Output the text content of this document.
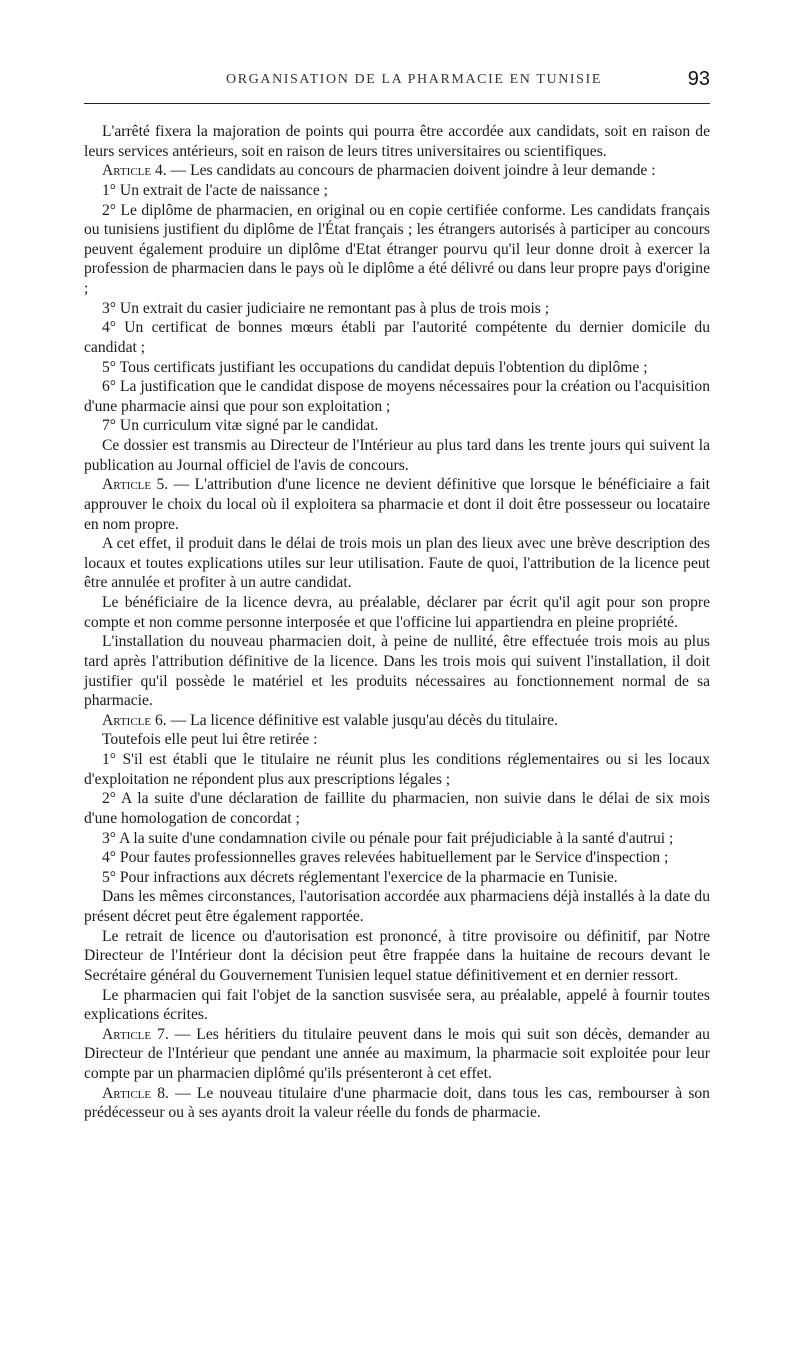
ORGANISATION DE LA PHARMACIE EN TUNISIE	93

L'arrêté fixera la majoration de points qui pourra être accordée aux candidats, soit en raison de leurs services antérieurs, soit en raison de leurs titres universitaires ou scientifiques.

Article 4. — Les candidats au concours de pharmacien doivent joindre à leur demande :

1° Un extrait de l'acte de naissance ;

2° Le diplôme de pharmacien, en original ou en copie certifiée conforme. Les candidats français ou tunisiens justifient du diplôme de l'État français ; les étrangers autorisés à participer au concours peuvent également produire un diplôme d'Etat étranger pourvu qu'il leur donne droit à exercer la profession de pharmacien dans le pays où le diplôme a été délivré ou dans leur propre pays d'origine ;

3° Un extrait du casier judiciaire ne remontant pas à plus de trois mois ;

4° Un certificat de bonnes mœurs établi par l'autorité compétente du dernier domicile du candidat ;

5° Tous certificats justifiant les occupations du candidat depuis l'obtention du diplôme ;

6° La justification que le candidat dispose de moyens nécessaires pour la création ou l'acquisition d'une pharmacie ainsi que pour son exploitation ;

7° Un curriculum vitæ signé par le candidat.

Ce dossier est transmis au Directeur de l'Intérieur au plus tard dans les trente jours qui suivent la publication au Journal officiel de l'avis de concours.

Article 5. — L'attribution d'une licence ne devient définitive que lorsque le bénéficiaire a fait approuver le choix du local où il exploitera sa pharmacie et dont il doit être possesseur ou locataire en nom propre.

A cet effet, il produit dans le délai de trois mois un plan des lieux avec une brève description des locaux et toutes explications utiles sur leur utilisation. Faute de quoi, l'attribution de la licence peut être annulée et profiter à un autre candidat.

Le bénéficiaire de la licence devra, au préalable, déclarer par écrit qu'il agit pour son propre compte et non comme personne interposée et que l'officine lui appartiendra en pleine propriété.

L'installation du nouveau pharmacien doit, à peine de nullité, être effectuée trois mois au plus tard après l'attribution définitive de la licence. Dans les trois mois qui suivent l'installation, il doit justifier qu'il possède le matériel et les produits nécessaires au fonctionnement normal de sa pharmacie.

Article 6. — La licence définitive est valable jusqu'au décès du titulaire.

Toutefois elle peut lui être retirée :

1° S'il est établi que le titulaire ne réunit plus les conditions réglementaires ou si les locaux d'exploitation ne répondent plus aux prescriptions légales ;

2° A la suite d'une déclaration de faillite du pharmacien, non suivie dans le délai de six mois d'une homologation de concordat ;

3° A la suite d'une condamnation civile ou pénale pour fait préjudiciable à la santé d'autrui ;

4° Pour fautes professionnelles graves relevées habituellement par le Service d'inspection ;

5° Pour infractions aux décrets réglementant l'exercice de la pharmacie en Tunisie.

Dans les mêmes circonstances, l'autorisation accordée aux pharmaciens déjà installés à la date du présent décret peut être également rapportée.

Le retrait de licence ou d'autorisation est prononcé, à titre provisoire ou définitif, par Notre Directeur de l'Intérieur dont la décision peut être frappée dans la huitaine de recours devant le Secrétaire général du Gouvernement Tunisien lequel statue définitivement et en dernier ressort.

Le pharmacien qui fait l'objet de la sanction susvisée sera, au préalable, appelé à fournir toutes explications écrites.

Article 7. — Les héritiers du titulaire peuvent dans le mois qui suit son décès, demander au Directeur de l'Intérieur que pendant une année au maximum, la pharmacie soit exploitée pour leur compte par un pharmacien diplômé qu'ils présenteront à cet effet.

Article 8. — Le nouveau titulaire d'une pharmacie doit, dans tous les cas, rembourser à son prédécesseur ou à ses ayants droit la valeur réelle du fonds de pharmacie.
